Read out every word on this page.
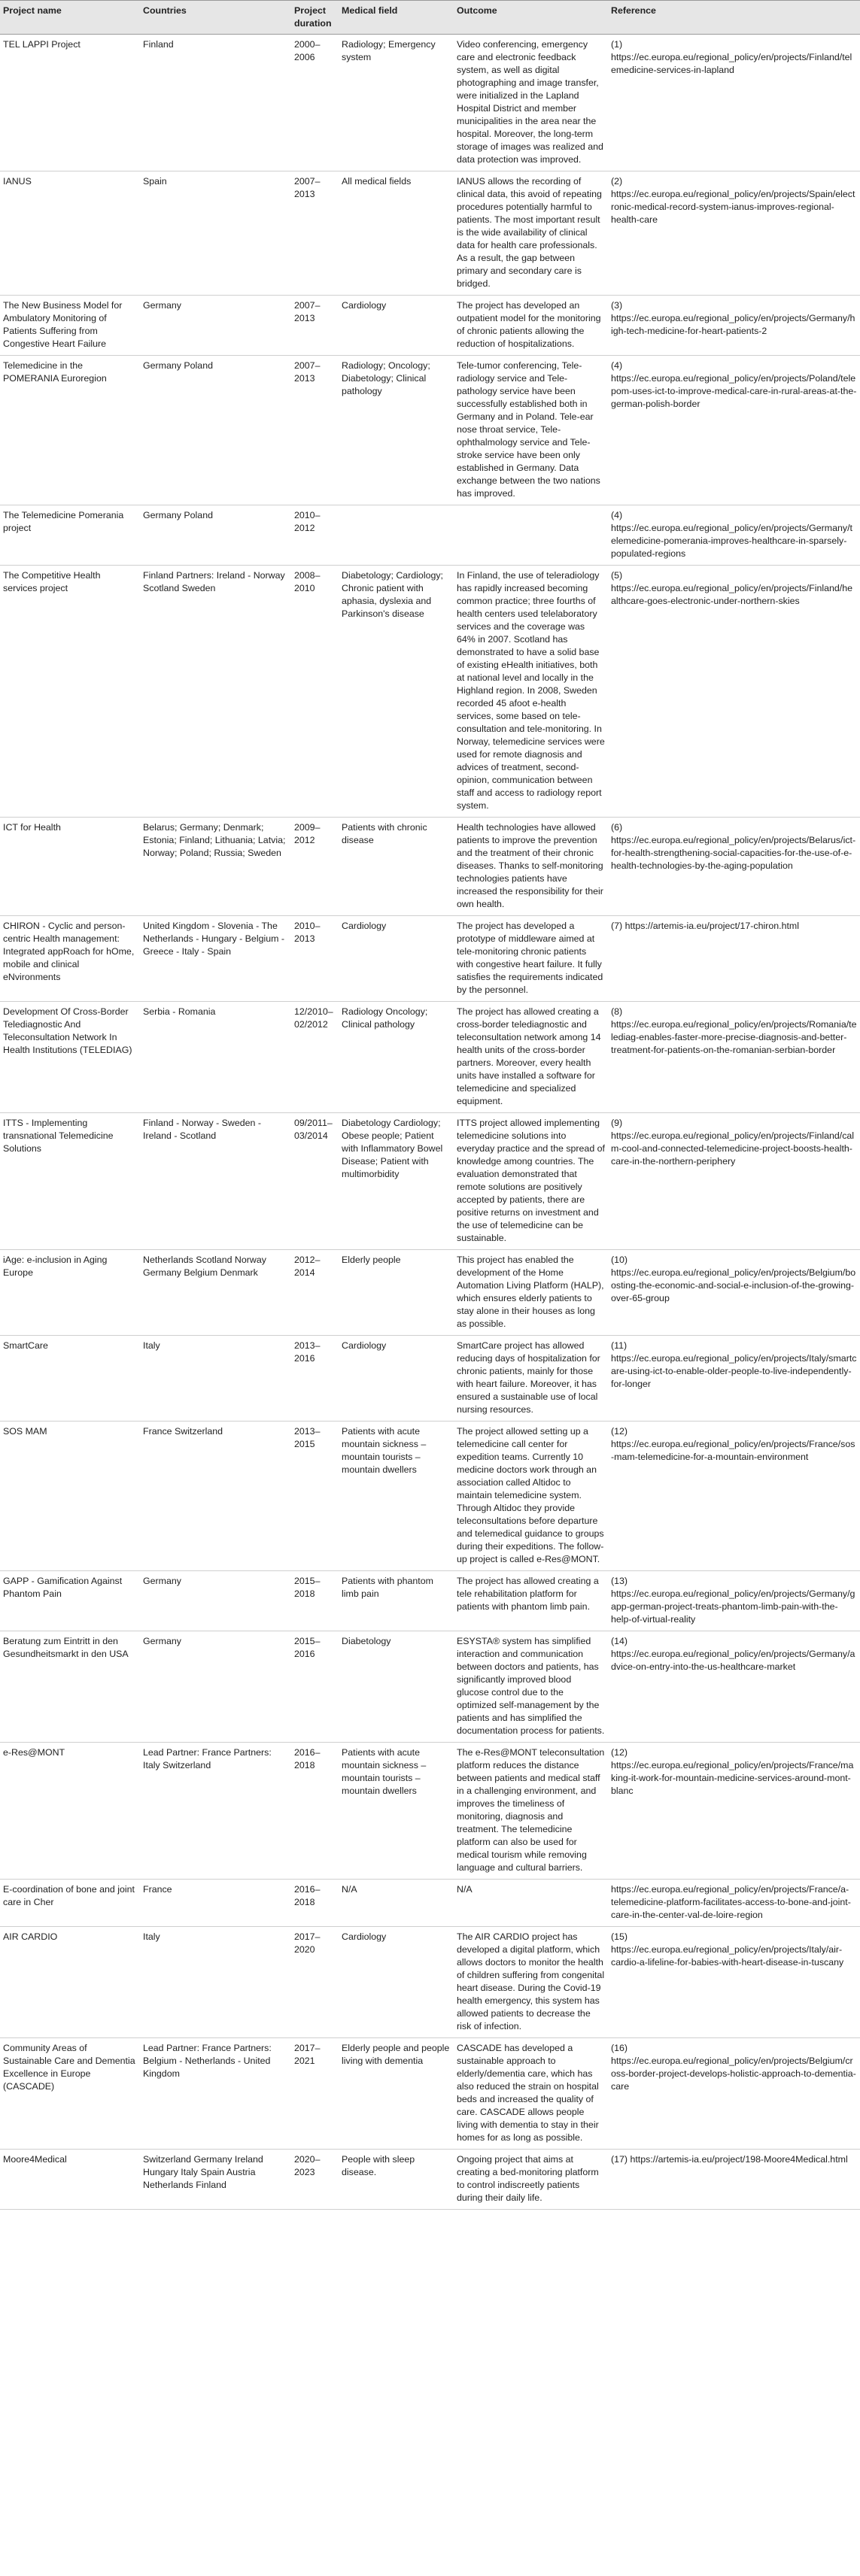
Project name	Countries	Project duration	Medical field	Outcome	Reference
TEL LAPPI Project	Finland	2000–2006	Radiology; Emergency system	Video conferencing, emergency care and electronic feedback system, as well as digital photographing and image transfer, were initialized in the Lapland Hospital District and member municipalities in the area near the hospital. Moreover, the long-term storage of images was realized and data protection was improved.	(1) https://ec.europa.eu/regional_policy/en/projects/Finland/telemedicine-services-in-lapland
IANUS	Spain	2007–2013	All medical fields	IANUS allows the recording of clinical data, this avoid of repeating procedures potentially harmful to patients. The most important result is the wide availability of clinical data for health care professionals. As a result, the gap between primary and secondary care is bridged.	(2) https://ec.europa.eu/regional_policy/en/projects/Spain/electronic-medical-record-system-ianus-improves-regional-health-care
The New Business Model for Ambulatory Monitoring of Patients Suffering from Congestive Heart Failure	Germany	2007–2013	Cardiology	The project has developed an outpatient model for the monitoring of chronic patients allowing the reduction of hospitalizations.	(3) https://ec.europa.eu/regional_policy/en/projects/Germany/high-tech-medicine-for-heart-patients-2
Telemedicine in the POMERANIA Euroregion	Germany Poland	2007–2013	Radiology; Oncology; Diabetology; Clinical pathology	Tele-tumor conferencing, Tele-radiology service and Tele-pathology service have been successfully established both in Germany and in Poland. Tele-ear nose throat service, Tele-ophthalmology service and Tele-stroke service have been only established in Germany. Data exchange between the two nations has improved.	(4) https://ec.europa.eu/regional_policy/en/projects/Poland/telepom-uses-ict-to-improve-medical-care-in-rural-areas-at-the-german-polish-border
The Telemedicine Pomerania project	Germany Poland	2010–2012			(4) https://ec.europa.eu/regional_policy/en/projects/Germany/telemedicine-pomerania-improves-healthcare-in-sparsely-populated-regions
The Competitive Health services project	Finland Partners: Ireland - Norway Scotland Sweden	2008–2010	Diabetology; Cardiology; Chronic patient with aphasia, dyslexia and Parkinson's disease	In Finland, the use of teleradiology has rapidly increased becoming common practice; three fourths of health centers used telelaboratory services and the coverage was 64% in 2007. Scotland has demonstrated to have a solid base of existing eHealth initiatives, both at national level and locally in the Highland region. In 2008, Sweden recorded 45 afoot e-health services, some based on tele-consultation and tele-monitoring. In Norway, telemedicine services were used for remote diagnosis and advices of treatment, second-opinion, communication between staff and access to radiology report system.	(5) https://ec.europa.eu/regional_policy/en/projects/Finland/healthcare-goes-electronic-under-northern-skies
ICT for Health	Belarus; Germany; Denmark; Estonia; Finland; Lithuania; Latvia; Norway; Poland; Russia; Sweden	2009–2012	Patients with chronic disease	Health technologies have allowed patients to improve the prevention and the treatment of their chronic diseases. Thanks to self-monitoring technologies patients have increased the responsibility for their own health.	(6) https://ec.europa.eu/regional_policy/en/projects/Belarus/ict-for-health-strengthening-social-capacities-for-the-use-of-e-health-technologies-by-the-aging-population
CHIRON - Cyclic and person- centric Health management: Integrated appRoach for hOme, mobile and clinical eNvironments	United Kingdom - Slovenia - The Netherlands - Hungary - Belgium - Greece - Italy - Spain	2010–2013	Cardiology	The project has developed a prototype of middleware aimed at tele-monitoring chronic patients with congestive heart failure. It fully satisfies the requirements indicated by the personnel.	(7) https://artemis-ia.eu/project/17-chiron.html
Development Of Cross-Border Telediagnostic And Teleconsultation Network In Health Institutions (TELEDIAG)	Serbia - Romania	12/2010–02/2012	Radiology Oncology; Clinical pathology	The project has allowed creating a cross-border telediagnostic and teleconsultation network among 14 health units of the cross-border partners. Moreover, every health units have installed a software for telemedicine and specialized equipment.	(8) https://ec.europa.eu/regional_policy/en/projects/Romania/telediag-enables-faster-more-precise-diagnosis-and-better-treatment-for-patients-on-the-romanian-serbian-border
ITTS - Implementing transnational Telemedicine Solutions	Finland - Norway - Sweden - Ireland - Scotland	09/2011–03/2014	Diabetology Cardiology; Obese people; Patient with Inflammatory Bowel Disease; Patient with multimorbidity	ITTS project allowed implementing telemedicine solutions into everyday practice and the spread of knowledge among countries. The evaluation demonstrated that remote solutions are positively accepted by patients, there are positive returns on investment and the use of telemedicine can be sustainable.	(9) https://ec.europa.eu/regional_policy/en/projects/Finland/calm-cool-and-connected-telemedicine-project-boosts-health-care-in-the-northern-periphery
iAge: e-inclusion in Aging Europe	Netherlands Scotland Norway Germany Belgium Denmark	2012–2014	Elderly people	This project has enabled the development of the Home Automation Living Platform (HALP), which ensures elderly patients to stay alone in their houses as long as possible.	(10) https://ec.europa.eu/regional_policy/en/projects/Belgium/boosting-the-economic-and-social-e-inclusion-of-the-growing-over-65-group
SmartCare	Italy	2013–2016	Cardiology	SmartCare project has allowed reducing days of hospitalization for chronic patients, mainly for those with heart failure. Moreover, it has ensured a sustainable use of local nursing resources.	(11) https://ec.europa.eu/regional_policy/en/projects/Italy/smartcare-using-ict-to-enable-older-people-to-live-independently-for-longer
SOS MAM	France Switzerland	2013–2015	Patients with acute mountain sickness – mountain tourists – mountain dwellers	The project allowed setting up a telemedicine call center for expedition teams. Currently 10 medicine doctors work through an association called Altidoc to maintain telemedicine system. Through Altidoc they provide teleconsultations before departure and telemedical guidance to groups during their expeditions. The follow-up project is called e-Res@MONT.	(12) https://ec.europa.eu/regional_policy/en/projects/France/sos-mam-telemedicine-for-a-mountain-environment
GAPP - Gamification Against Phantom Pain	Germany	2015–2018	Patients with phantom limb pain	The project has allowed creating a tele rehabilitation platform for patients with phantom limb pain.	(13) https://ec.europa.eu/regional_policy/en/projects/Germany/gapp-german-project-treats-phantom-limb-pain-with-the-help-of-virtual-reality
Beratung zum Eintritt in den Gesundheitsmarkt in den USA	Germany	2015–2016	Diabetology	ESYSTA® system has simplified interaction and communication between doctors and patients, has significantly improved blood glucose control due to the optimized self-management by the patients and has simplified the documentation process for patients.	(14) https://ec.europa.eu/regional_policy/en/projects/Germany/advice-on-entry-into-the-us-healthcare-market
e-Res@MONT	Lead Partner: France Partners: Italy Switzerland	2016–2018	Patients with acute mountain sickness – mountain tourists – mountain dwellers	The e-Res@MONT teleconsultation platform reduces the distance between patients and medical staff in a challenging environment, and improves the timeliness of monitoring, diagnosis and treatment. The telemedicine platform can also be used for medical tourism while removing language and cultural barriers.	(12) https://ec.europa.eu/regional_policy/en/projects/France/making-it-work-for-mountain-medicine-services-around-mont-blanc
E-coordination of bone and joint care in Cher	France	2016–2018	N/A	N/A	https://ec.europa.eu/regional_policy/en/projects/France/a-telemedicine-platform-facilitates-access-to-bone-and-joint-care-in-the-center-val-de-loire-region
AIR CARDIO	Italy	2017–2020	Cardiology	The AIR CARDIO project has developed a digital platform, which allows doctors to monitor the health of children suffering from congenital heart disease. During the Covid-19 health emergency, this system has allowed patients to decrease the risk of infection.	(15) https://ec.europa.eu/regional_policy/en/projects/Italy/air-cardio-a-lifeline-for-babies-with-heart-disease-in-tuscany
Community Areas of Sustainable Care and Dementia Excellence in Europe (CASCADE)	Lead Partner: France Partners: Belgium - Netherlands - United Kingdom	2017–2021	Elderly people and people living with dementia	CASCADE has developed a sustainable approach to elderly/dementia care, which has also reduced the strain on hospital beds and increased the quality of care. CASCADE allows people living with dementia to stay in their homes for as long as possible.	(16) https://ec.europa.eu/regional_policy/en/projects/Belgium/cross-border-project-develops-holistic-approach-to-dementia-care
Moore4Medical	Switzerland Germany Ireland Hungary Italy Spain Austria Netherlands Finland	2020–2023	People with sleep disease.	Ongoing project that aims at creating a bed-monitoring platform to control indiscreetly patients during their daily life.	(17) https://artemis-ia.eu/project/198-Moore4Medical.html
